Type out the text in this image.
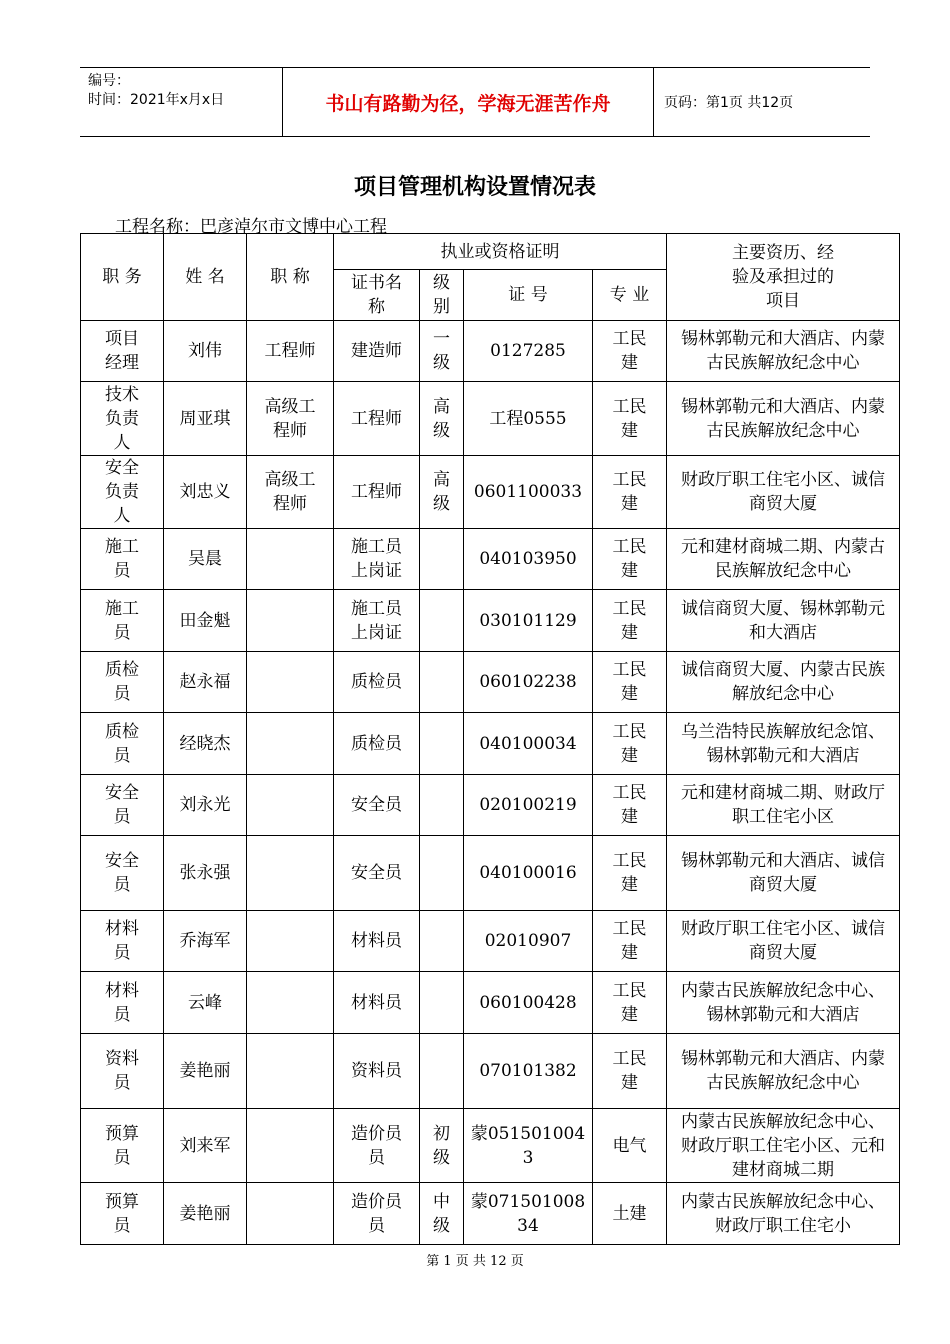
编号：
时间：2021年x月x日	书山有路勤为径，学海无涯苦作舟	页码：第1页 共12页
项目管理机构设置情况表
工程名称：巴彦淖尔市文博中心工程
职 务	姓 名	职 称	执业或资格证明				主要资历、经验及承担过的项目
			证书名称	级别	证 号	专 业	
项目经理	刘伟	工程师	建造师	一级	0127285	工民建	锡林郭勒元和大酒店、内蒙古民族解放纪念中心
技术负责人	周亚琪	高级工程师	工程师	高级	工程0555	工民建	锡林郭勒元和大酒店、内蒙古民族解放纪念中心
安全负责人	刘忠义	高级工程师	工程师	高级	0601100033	工民建	财政厅职工住宅小区、诚信商贸大厦
施工员	吴晨		施工员上岗证		040103950	工民建	元和建材商城二期、内蒙古民族解放纪念中心
施工员	田金魁		施工员上岗证		030101129	工民建	诚信商贸大厦、锡林郭勒元和大酒店
质检员	赵永福		质检员		060102238	工民建	诚信商贸大厦、内蒙古民族解放纪念中心
质检员	经晓杰		质检员		040100034	工民建	乌兰浩特民族解放纪念馆、锡林郭勒元和大酒店
安全员	刘永光		安全员		020100219	工民建	元和建材商城二期、财政厅职工住宅小区
安全员	张永强		安全员		040100016	工民建	锡林郭勒元和大酒店、诚信商贸大厦
材料员	乔海军		材料员		02010907	工民建	财政厅职工住宅小区、诚信商贸大厦
材料员	云峰		材料员		060100428	工民建	内蒙古民族解放纪念中心、锡林郭勒元和大酒店
资料员	姜艳丽		资料员		070101382	工民建	锡林郭勒元和大酒店、内蒙古民族解放纪念中心
预算员	刘来军		造价员员	初级	蒙0515010043	电气	内蒙古民族解放纪念中心、财政厅职工住宅小区、元和建材商城二期
预算员	姜艳丽		造价员员	中级	蒙07150100834	土建	内蒙古民族解放纪念中心、财政厅职工住宅小
第 1 页 共 12 页
